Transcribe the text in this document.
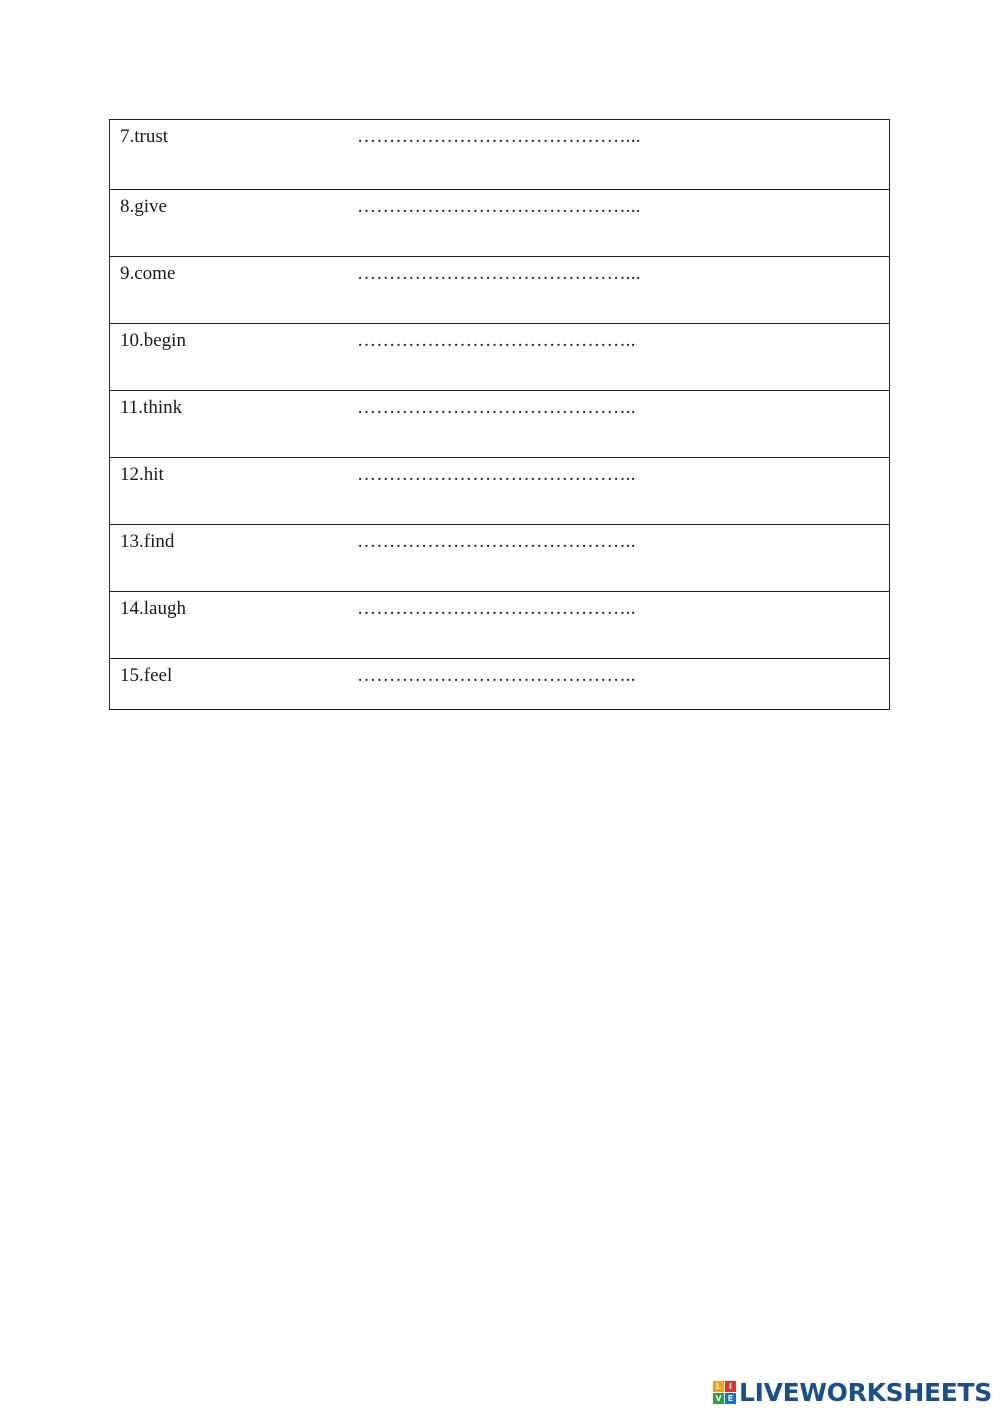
7.trust	……………………………………...
8.give	……………………………………...
9.come	……………………………………...
10.begin	……………………………………..
11.think	……………………………………..
12.hit	……………………………………..
13.find	……………………………………..
14.laugh	……………………………………..
15.feel	……………………………………..
L I
V E LIVEWORKSHEETS
